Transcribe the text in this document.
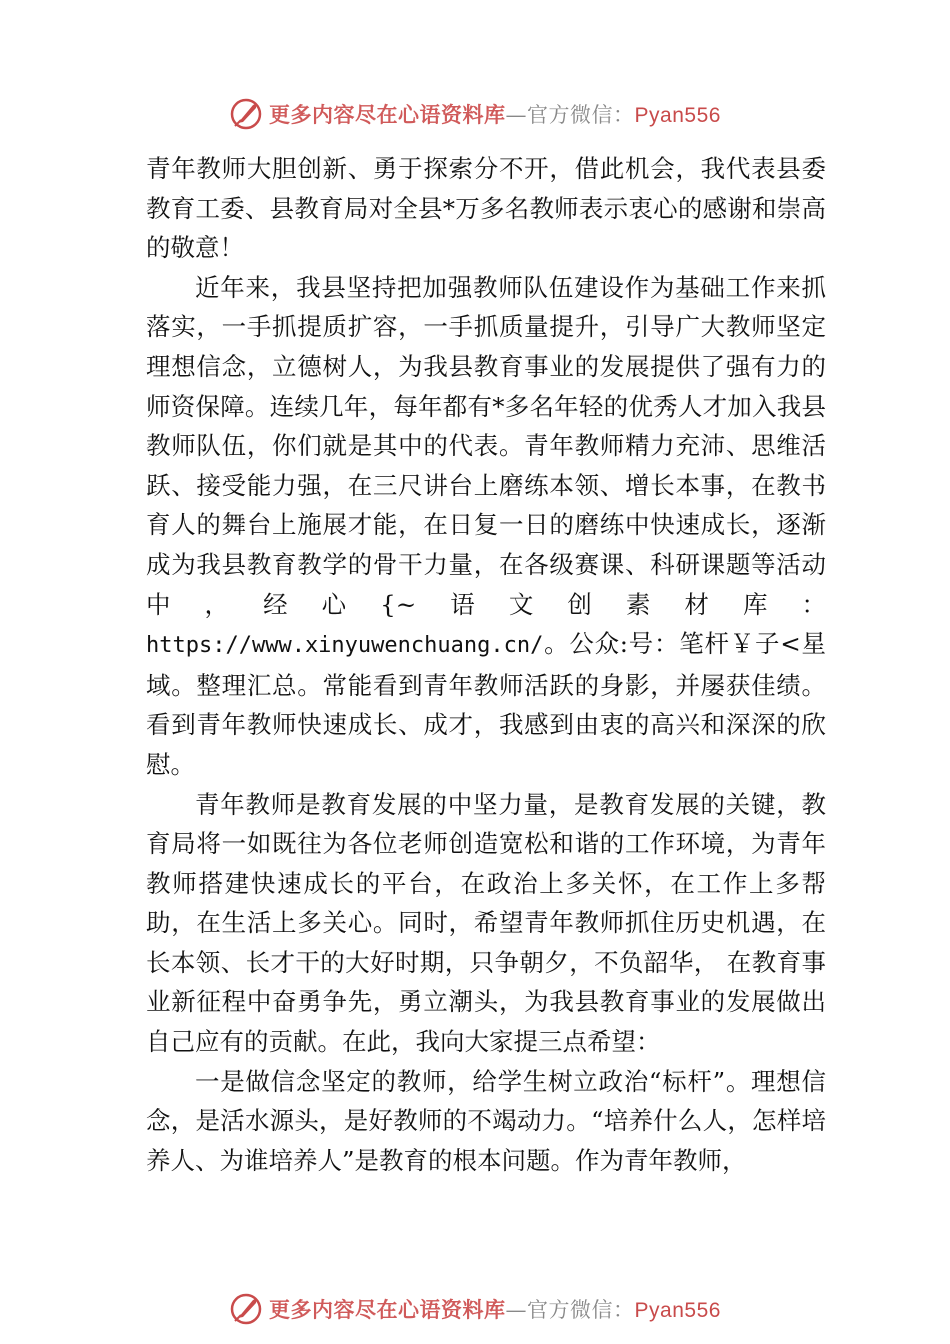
更多内容尽在心语资料库—官方微信：Pyan556

青年教师大胆创新、勇于探索分不开，借此机会，我代表县委教育工委、县教育局对全县*万多名教师表示衷心的感谢和崇高的敬意！

近年来，我县坚持把加强教师队伍建设作为基础工作来抓落实，一手抓提质扩容，一手抓质量提升，引导广大教师坚定理想信念，立德树人，为我县教育事业的发展提供了强有力的师资保障。连续几年，每年都有*多名年轻的优秀人才加入我县教师队伍，你们就是其中的代表。青年教师精力充沛、思维活跃、接受能力强，在三尺讲台上磨练本领、增长本事，在教书育人的舞台上施展才能，在日复一日的磨练中快速成长，逐渐成为我县教育教学的骨干力量，在各级赛课、科研课题等活动中，经心{~语文创素材库：https://www.xinyuwenchuang.cn/。公众:号：笔杆￥子<星域。整理汇总。常能看到青年教师活跃的身影，并屡获佳绩。看到青年教师快速成长、成才，我感到由衷的高兴和深深的欣慰。

青年教师是教育发展的中坚力量，是教育发展的关键，教育局将一如既往为各位老师创造宽松和谐的工作环境，为青年教师搭建快速成长的平台，在政治上多关怀，在工作上多帮助，在生活上多关心。同时，希望青年教师抓住历史机遇，在长本领、长才干的大好时期，只争朝夕，不负韶华， 在教育事业新征程中奋勇争先，勇立潮头，为我县教育事业的发展做出自己应有的贡献。在此，我向大家提三点希望：

一是做信念坚定的教师，给学生树立政治“标杆”。理想信念，是活水源头，是好教师的不竭动力。“培养什么人，怎样培养人、为谁培养人”是教育的根本问题。作为青年教师，

更多内容尽在心语资料库—官方微信：Pyan556
